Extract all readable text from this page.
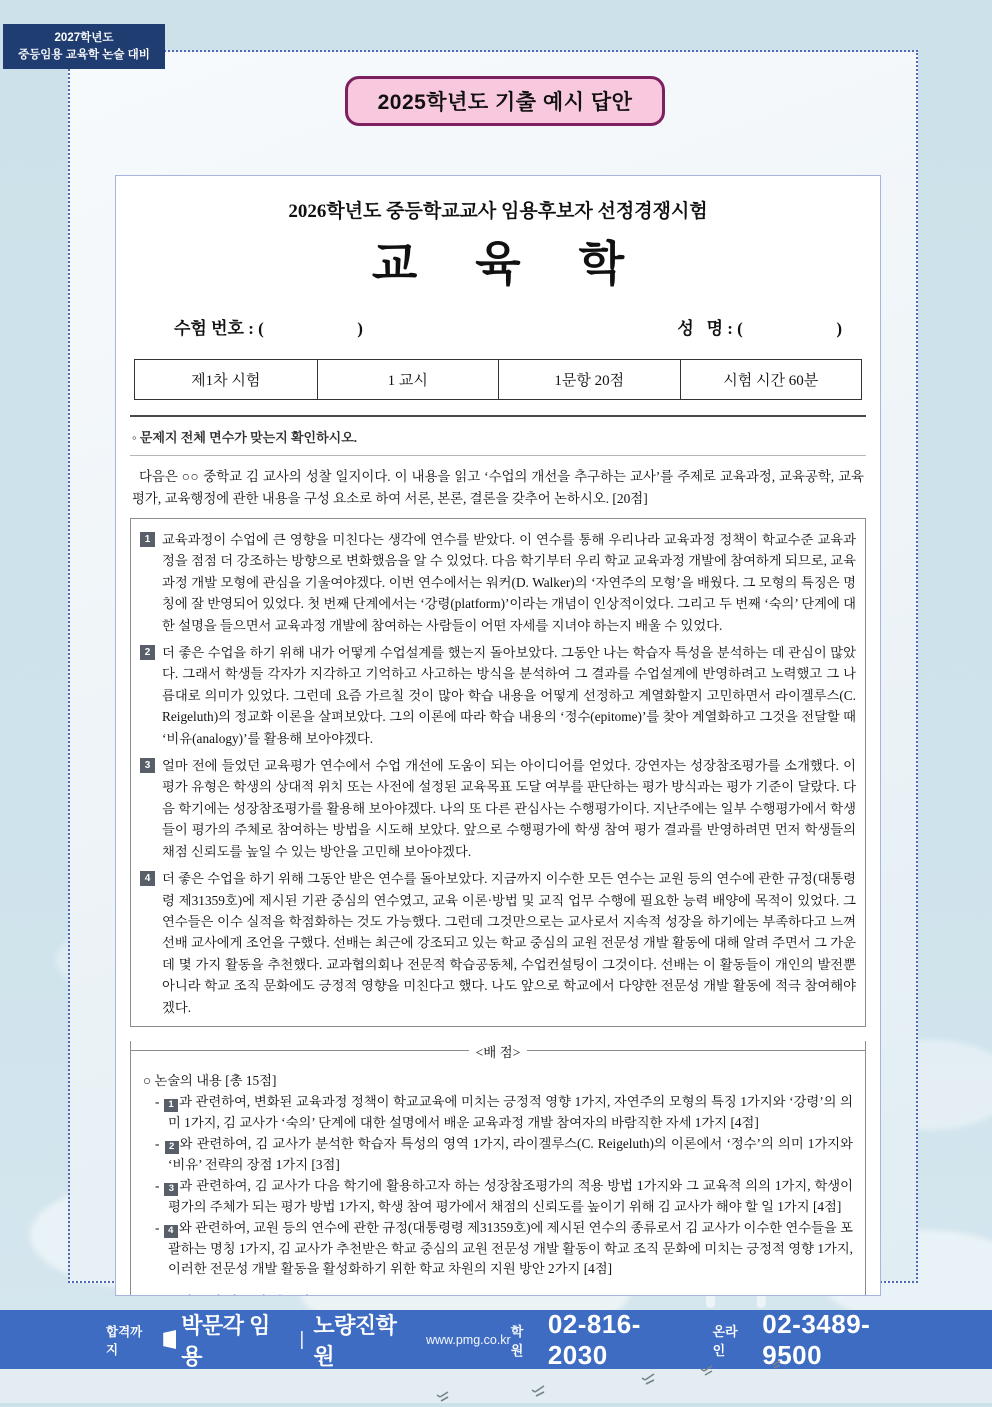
2027학년도
중등임용 교육학 논술 대비
2025학년도 기출 예시 답안
2026학년도 중등학교교사 임용후보자 선정경쟁시험
교육학
수험 번호 : (                      )	성   명 : (                      )
제1차 시험	1 교시	1문항 20점	시험 시간 60분
◦ 문제지 전체 면수가 맞는지 확인하시오.
다음은 ○○ 중학교 김 교사의 성찰 일지이다. 이 내용을 읽고 ‘수업의 개선을 추구하는 교사’를 주제로 교육과정, 교육공학, 교육평가, 교육행정에 관한 내용을 구성 요소로 하여 서론, 본론, 결론을 갖추어 논하시오. [20점]
1 교육과정이 수업에 큰 영향을 미친다는 생각에 연수를 받았다. 이 연수를 통해 우리나라 교육과정 정책이 학교수준 교육과정을 점점 더 강조하는 방향으로 변화했음을 알 수 있었다. 다음 학기부터 우리 학교 교육과정 개발에 참여하게 되므로, 교육과정 개발 모형에 관심을 기울여야겠다. 이번 연수에서는 워커(D. Walker)의 ‘자연주의 모형’을 배웠다. 그 모형의 특징은 명칭에 잘 반영되어 있었다. 첫 번째 단계에서는 ‘강령(platform)’이라는 개념이 인상적이었다. 그리고 두 번째 ‘숙의’ 단계에 대한 설명을 들으면서 교육과정 개발에 참여하는 사람들이 어떤 자세를 지녀야 하는지 배울 수 있었다.
2 더 좋은 수업을 하기 위해 내가 어떻게 수업설계를 했는지 돌아보았다. 그동안 나는 학습자 특성을 분석하는 데 관심이 많았다. 그래서 학생들 각자가 지각하고 기억하고 사고하는 방식을 분석하여 그 결과를 수업설계에 반영하려고 노력했고 그 나름대로 의미가 있었다. 그런데 요즘 가르칠 것이 많아 학습 내용을 어떻게 선정하고 계열화할지 고민하면서 라이겔루스(C. Reigeluth)의 정교화 이론을 살펴보았다. 그의 이론에 따라 학습 내용의 ‘정수(epitome)’를 찾아 계열화하고 그것을 전달할 때 ‘비유(analogy)’를 활용해 보아야겠다.
3 얼마 전에 들었던 교육평가 연수에서 수업 개선에 도움이 되는 아이디어를 얻었다. 강연자는 성장참조평가를 소개했다. 이 평가 유형은 학생의 상대적 위치 또는 사전에 설정된 교육목표 도달 여부를 판단하는 평가 방식과는 평가 기준이 달랐다. 다음 학기에는 성장참조평가를 활용해 보아야겠다. 나의 또 다른 관심사는 수행평가이다. 지난주에는 일부 수행평가에서 학생들이 평가의 주체로 참여하는 방법을 시도해 보았다. 앞으로 수행평가에 학생 참여 평가 결과를 반영하려면 먼저 학생들의 채점 신뢰도를 높일 수 있는 방안을 고민해 보아야겠다.
4 더 좋은 수업을 하기 위해 그동안 받은 연수를 돌아보았다. 지금까지 이수한 모든 연수는 교원 등의 연수에 관한 규정(대통령령 제31359호)에 제시된 기관 중심의 연수였고, 교육 이론·방법 및 교직 업무 수행에 필요한 능력 배양에 목적이 있었다. 그 연수들은 이수 실적을 학점화하는 것도 가능했다. 그런데 그것만으로는 교사로서 지속적 성장을 하기에는 부족하다고 느껴 선배 교사에게 조언을 구했다. 선배는 최근에 강조되고 있는 학교 중심의 교원 전문성 개발 활동에 대해 알려 주면서 그 가운데 몇 가지 활동을 추천했다. 교과협의회나 전문적 학습공동체, 수업컨설팅이 그것이다. 선배는 이 활동들이 개인의 발전뿐 아니라 학교 조직 문화에도 긍정적 영향을 미친다고 했다. 나도 앞으로 학교에서 다양한 전문성 개발 활동에 적극 참여해야겠다.
<배 점>
○ 논술의 내용 [총 15점]
- 1 과 관련하여, 변화된 교육과정 정책이 학교교육에 미치는 긍정적 영향 1가지, 자연주의 모형의 특징 1가지와 ‘강령’의 의미 1가지, 김 교사가 ‘숙의’ 단계에 대한 설명에서 배운 교육과정 개발 참여자의 바람직한 자세 1가지 [4점]
- 2 와 관련하여, 김 교사가 분석한 학습자 특성의 영역 1가지, 라이겔루스(C. Reigeluth)의 이론에서 ‘정수’의 의미 1가지와 ‘비유’ 전략의 장점 1가지 [3점]
- 3 과 관련하여, 김 교사가 다음 학기에 활용하고자 하는 성장참조평가의 적용 방법 1가지와 그 교육적 의의 1가지, 학생이 평가의 주체가 되는 평가 방법 1가지, 학생 참여 평가에서 채점의 신뢰도를 높이기 위해 김 교사가 해야 할 일 1가지 [4점]
- 4 와 관련하여, 교원 등의 연수에 관한 규정(대통령령 제31359호)에 제시된 연수의 종류로서 김 교사가 이수한 연수들을 포괄하는 명칭 1가지, 김 교사가 추천받은 학교 중심의 교원 전문성 개발 활동이 학교 조직 문화에 미치는 긍정적 영향 1가지, 이러한 전문성 개발 활동을 활성화하기 위한 학교 차원의 지원 방안 2가지 [4점]
합격까지
박문각 임용
|
노량진학원
www.pmg.co.kr
학원
02-816-2030
온라인
02-3489-9500
